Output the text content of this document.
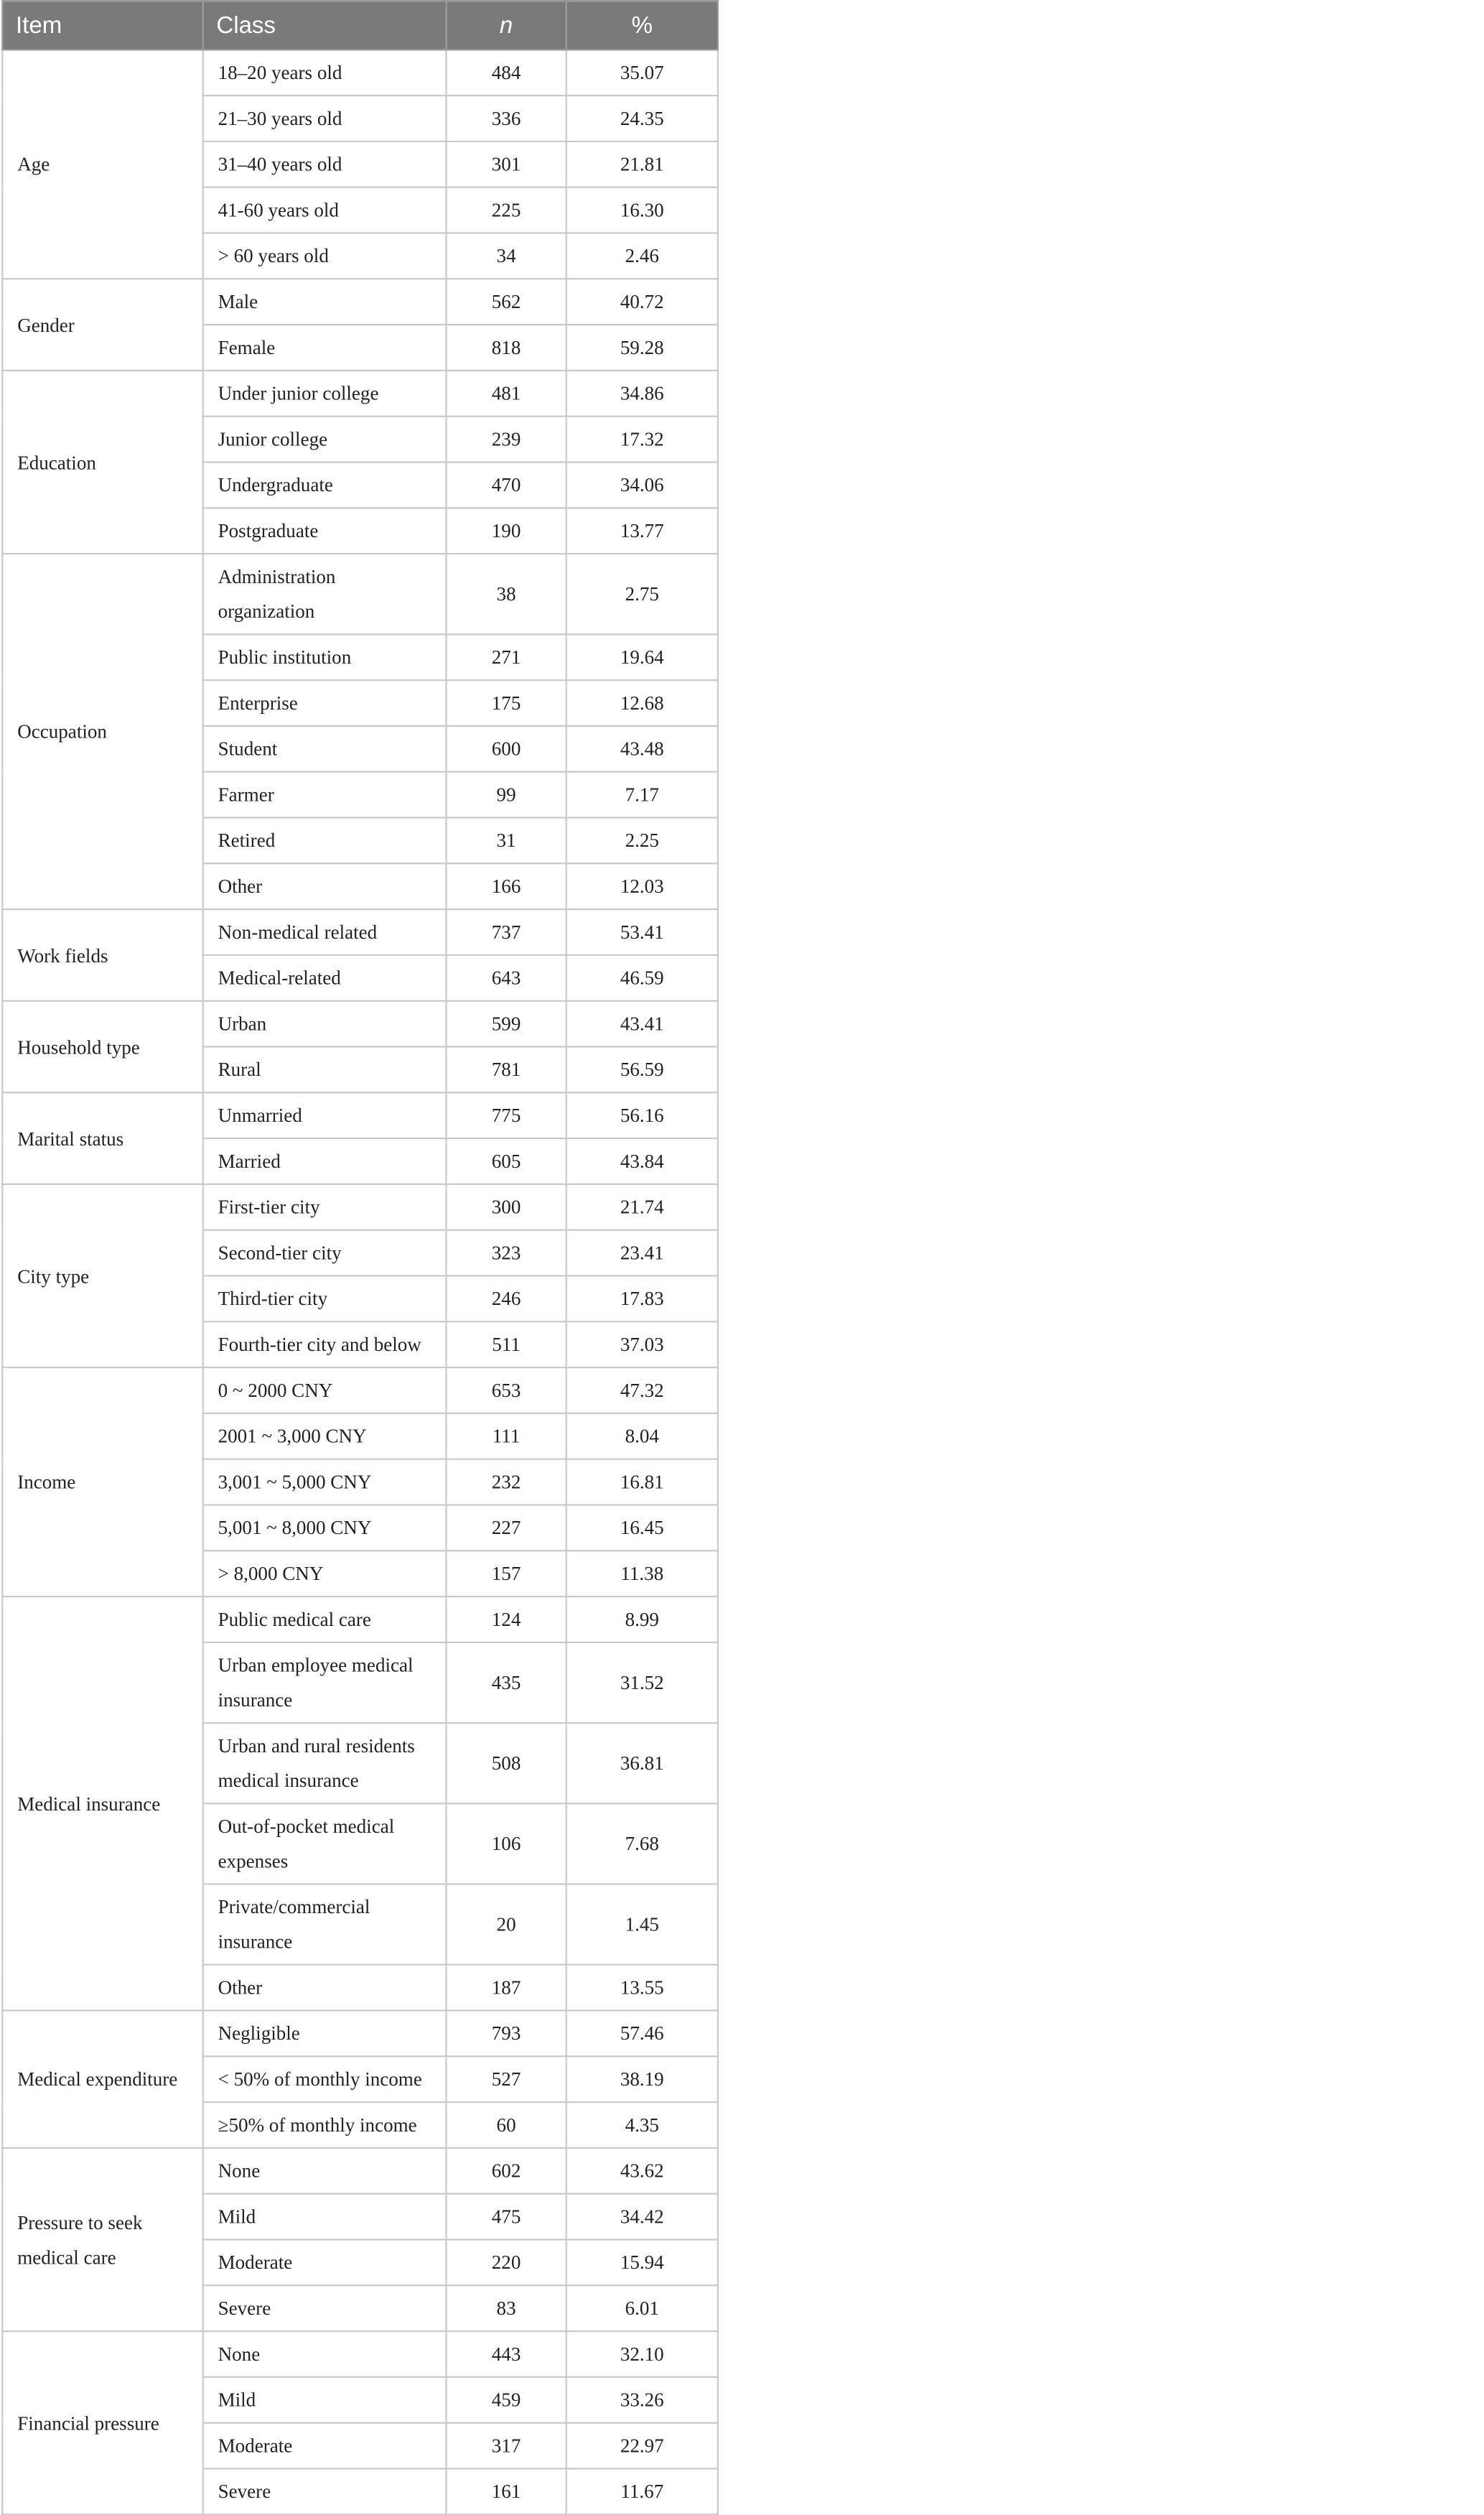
Item	Class	n	%
Age	18–20 years old	484	35.07
	21–30 years old	336	24.35
	31–40 years old	301	21.81
	41-60 years old	225	16.30
	> 60 years old	34	2.46
Gender	Male	562	40.72
	Female	818	59.28
Education	Under junior college	481	34.86
	Junior college	239	17.32
	Undergraduate	470	34.06
	Postgraduate	190	13.77
Occupation	Administration organization	38	2.75
	Public institution	271	19.64
	Enterprise	175	12.68
	Student	600	43.48
	Farmer	99	7.17
	Retired	31	2.25
	Other	166	12.03
Work fields	Non-medical related	737	53.41
	Medical-related	643	46.59
Household type	Urban	599	43.41
	Rural	781	56.59
Marital status	Unmarried	775	56.16
	Married	605	43.84
City type	First-tier city	300	21.74
	Second-tier city	323	23.41
	Third-tier city	246	17.83
	Fourth-tier city and below	511	37.03
Income	0 ~ 2000 CNY	653	47.32
	2001 ~ 3,000 CNY	111	8.04
	3,001 ~ 5,000 CNY	232	16.81
	5,001 ~ 8,000 CNY	227	16.45
	> 8,000 CNY	157	11.38
Medical insurance	Public medical care	124	8.99
	Urban employee medical insurance	435	31.52
	Urban and rural residents medical insurance	508	36.81
	Out-of-pocket medical expenses	106	7.68
	Private/commercial insurance	20	1.45
	Other	187	13.55
Medical expenditure	Negligible	793	57.46
	< 50% of monthly income	527	38.19
	≥50% of monthly income	60	4.35
Pressure to seek medical care	None	602	43.62
	Mild	475	34.42
	Moderate	220	15.94
	Severe	83	6.01
Financial pressure	None	443	32.10
	Mild	459	33.26
	Moderate	317	22.97
	Severe	161	11.67
